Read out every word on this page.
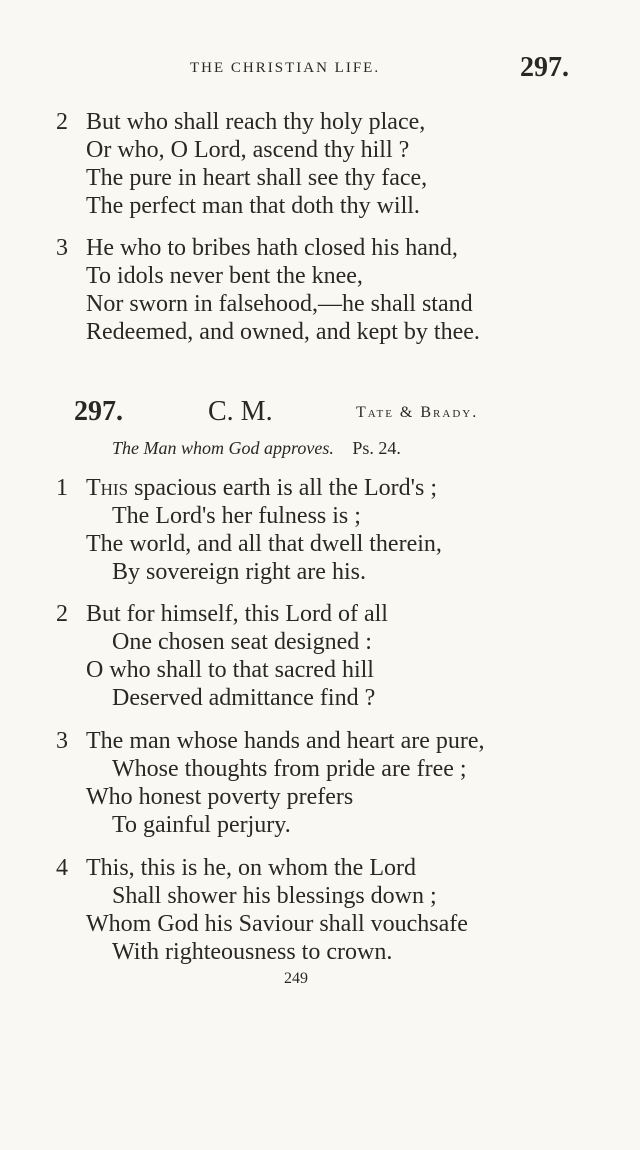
THE CHRISTIAN LIFE.	297.
2 But who shall reach thy holy place,
Or who, O Lord, ascend thy hill ?
The pure in heart shall see thy face,
The perfect man that doth thy will.
3 He who to bribes hath closed his hand,
To idols never bent the knee,
Nor sworn in falsehood,—he shall stand
Redeemed, and owned, and kept by thee.
297.	C. M.	Tate & Brady.
The Man whom God approves. Ps. 24.
1 This spacious earth is all the Lord's ;
The Lord's her fulness is ;
The world, and all that dwell therein,
By sovereign right are his.
2 But for himself, this Lord of all
One chosen seat designed :
O who shall to that sacred hill
Deserved admittance find ?
3 The man whose hands and heart are pure,
Whose thoughts from pride are free ;
Who honest poverty prefers
To gainful perjury.
4 This, this is he, on whom the Lord
Shall shower his blessings down ;
Whom God his Saviour shall vouchsafe
With righteousness to crown.
249
